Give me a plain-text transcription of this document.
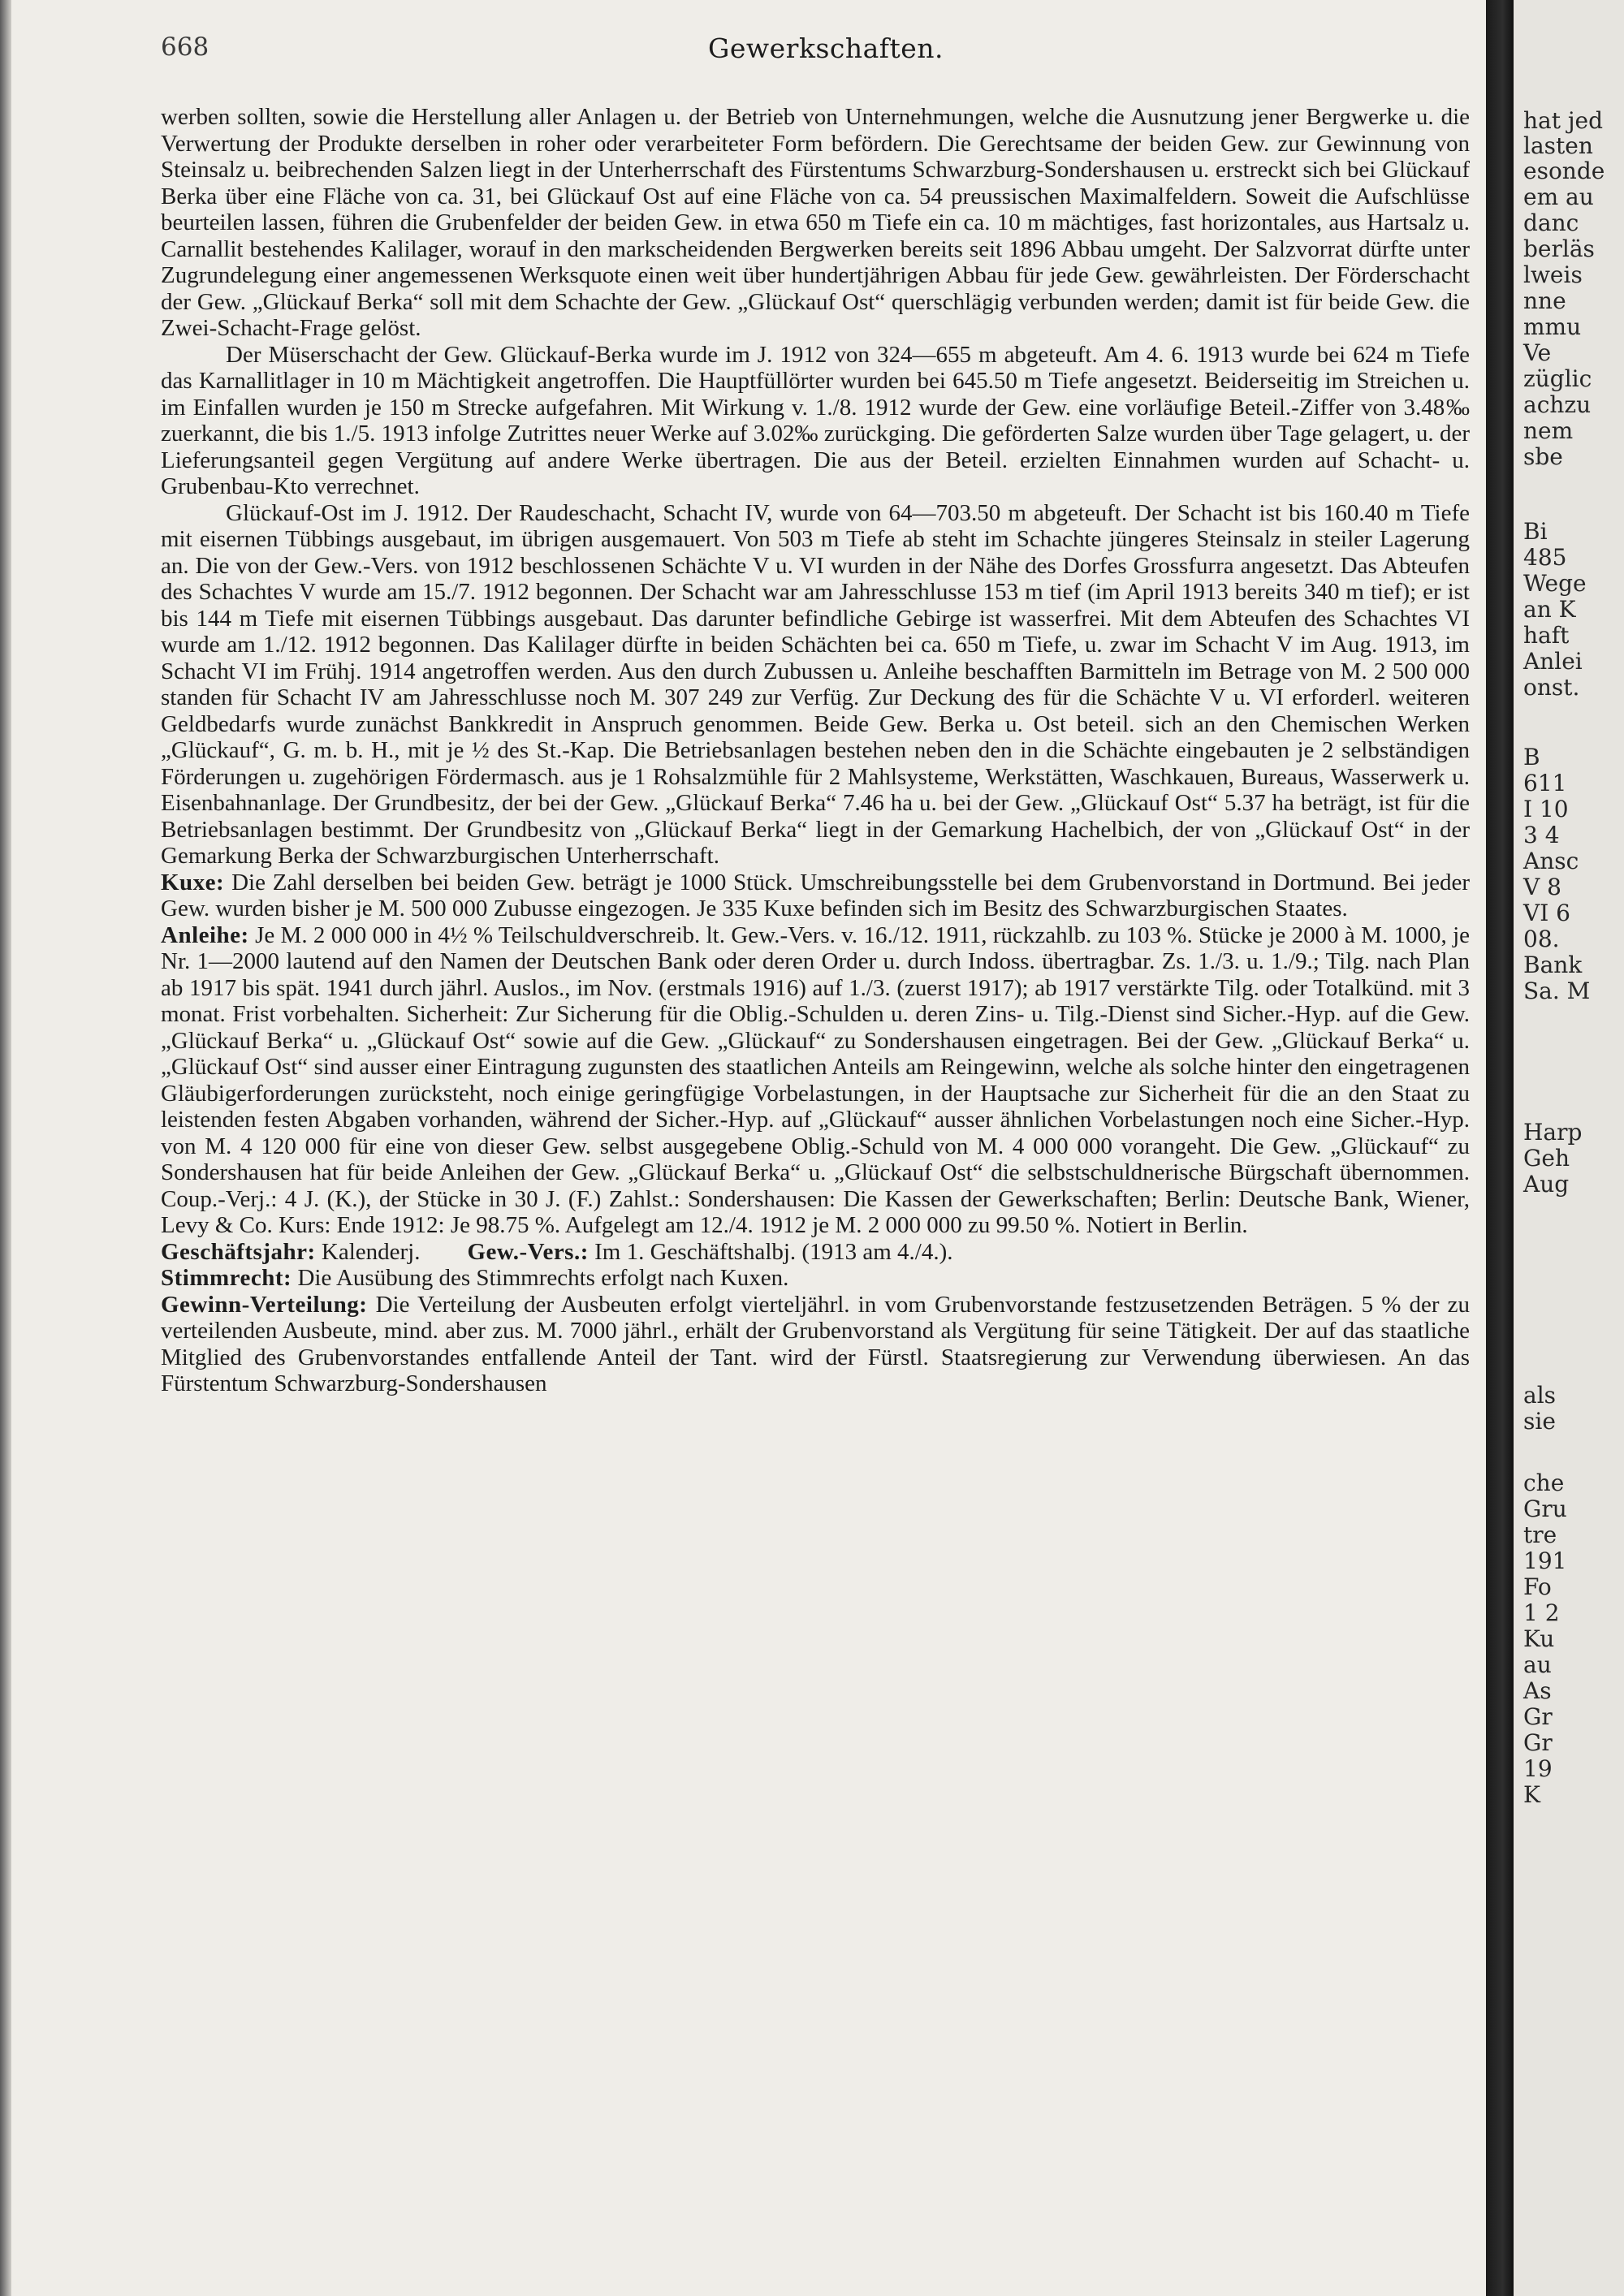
668	Gewerkschaften.

werben sollten, sowie die Herstellung aller Anlagen u. der Betrieb von Unternehmungen, welche die Ausnutzung jener Bergwerke u. die Verwertung der Produkte derselben in roher oder verarbeiteter Form befördern. Die Gerechtsame der beiden Gew. zur Gewinnung von Steinsalz u. beibrechenden Salzen liegt in der Unterherrschaft des Fürstentums Schwarzburg-Sondershausen u. erstreckt sich bei Glückauf Berka über eine Fläche von ca. 31, bei Glückauf Ost auf eine Fläche von ca. 54 preussischen Maximalfeldern. Soweit die Aufschlüsse beurteilen lassen, führen die Grubenfelder der beiden Gew. in etwa 650 m Tiefe ein ca. 10 m mächtiges, fast horizontales, aus Hartsalz u. Carnallit bestehendes Kalilager, worauf in den markscheidenden Bergwerken bereits seit 1896 Abbau umgeht. Der Salzvorrat dürfte unter Zugrundelegung einer angemessenen Werksquote einen weit über hundertjährigen Abbau für jede Gew. gewährleisten. Der Förderschacht der Gew. „Glückauf Berka“ soll mit dem Schachte der Gew. „Glückauf Ost“ querschlägig verbunden werden; damit ist für beide Gew. die Zwei-Schacht-Frage gelöst.

Der Müserschacht der Gew. Glückauf-Berka wurde im J. 1912 von 324—655 m abgeteuft. Am 4. 6. 1913 wurde bei 624 m Tiefe das Karnallitlager in 10 m Mächtigkeit angetroffen. Die Hauptfüllörter wurden bei 645.50 m Tiefe angesetzt. Beiderseitig im Streichen u. im Einfallen wurden je 150 m Strecke aufgefahren. Mit Wirkung v. 1./8. 1912 wurde der Gew. eine vorläufige Beteil.-Ziffer von 3.48‰ zuerkannt, die bis 1./5. 1913 infolge Zutrittes neuer Werke auf 3.02‰ zurückging. Die geförderten Salze wurden über Tage gelagert, u. der Lieferungsanteil gegen Vergütung auf andere Werke übertragen. Die aus der Beteil. erzielten Einnahmen wurden auf Schacht- u. Grubenbau-Kto verrechnet.

Glückauf-Ost im J. 1912. Der Raudeschacht, Schacht IV, wurde von 64—703.50 m abgeteuft. Der Schacht ist bis 160.40 m Tiefe mit eisernen Tübbings ausgebaut, im übrigen ausgemauert. Von 503 m Tiefe ab steht im Schachte jüngeres Steinsalz in steiler Lagerung an. Die von der Gew.-Vers. von 1912 beschlossenen Schächte V u. VI wurden in der Nähe des Dorfes Grossfurra angesetzt. Das Abteufen des Schachtes V wurde am 15./7. 1912 begonnen. Der Schacht war am Jahresschlusse 153 m tief (im April 1913 bereits 340 m tief); er ist bis 144 m Tiefe mit eisernen Tübbings ausgebaut. Das darunter befindliche Gebirge ist wasserfrei. Mit dem Abteufen des Schachtes VI wurde am 1./12. 1912 begonnen. Das Kalilager dürfte in beiden Schächten bei ca. 650 m Tiefe, u. zwar im Schacht V im Aug. 1913, im Schacht VI im Frühj. 1914 angetroffen werden. Aus den durch Zubussen u. Anleihe beschafften Barmitteln im Betrage von M. 2 500 000 standen für Schacht IV am Jahresschlusse noch M. 307 249 zur Verfüg. Zur Deckung des für die Schächte V u. VI erforderl. weiteren Geldbedarfs wurde zunächst Bankkredit in Anspruch genommen. Beide Gew. Berka u. Ost beteil. sich an den Chemischen Werken „Glückauf“, G. m. b. H., mit je ½ des St.-Kap. Die Betriebsanlagen bestehen neben den in die Schächte eingebauten je 2 selbständigen Förderungen u. zugehörigen Fördermasch. aus je 1 Rohsalzmühle für 2 Mahlsysteme, Werkstätten, Waschkauen, Bureaus, Wasserwerk u. Eisenbahnanlage. Der Grundbesitz, der bei der Gew. „Glückauf Berka“ 7.46 ha u. bei der Gew. „Glückauf Ost“ 5.37 ha beträgt, ist für die Betriebsanlagen bestimmt. Der Grundbesitz von „Glückauf Berka“ liegt in der Gemarkung Hachelbich, der von „Glückauf Ost“ in der Gemarkung Berka der Schwarzburgischen Unterherrschaft.

Kuxe: Die Zahl derselben bei beiden Gew. beträgt je 1000 Stück. Umschreibungsstelle bei dem Grubenvorstand in Dortmund. Bei jeder Gew. wurden bisher je M. 500 000 Zubusse eingezogen. Je 335 Kuxe befinden sich im Besitz des Schwarzburgischen Staates.

Anleihe: Je M. 2 000 000 in 4½ % Teilschuldverschreib. lt. Gew.-Vers. v. 16./12. 1911, rückzahlb. zu 103 %. Stücke je 2000 à M. 1000, je Nr. 1—2000 lautend auf den Namen der Deutschen Bank oder deren Order u. durch Indoss. übertragbar. Zs. 1./3. u. 1./9.; Tilg. nach Plan ab 1917 bis spät. 1941 durch jährl. Auslos., im Nov. (erstmals 1916) auf 1./3. (zuerst 1917); ab 1917 verstärkte Tilg. oder Totalkünd. mit 3 monat. Frist vorbehalten. Sicherheit: Zur Sicherung für die Oblig.-Schulden u. deren Zins- u. Tilg.-Dienst sind Sicher.-Hyp. auf die Gew. „Glückauf Berka“ u. „Glückauf Ost“ sowie auf die Gew. „Glückauf“ zu Sondershausen eingetragen. Bei der Gew. „Glückauf Berka“ u. „Glückauf Ost“ sind ausser einer Eintragung zugunsten des staatlichen Anteils am Reingewinn, welche als solche hinter den eingetragenen Gläubigerforderungen zurücksteht, noch einige geringfügige Vorbelastungen, in der Hauptsache zur Sicherheit für die an den Staat zu leistenden festen Abgaben vorhanden, während der Sicher.-Hyp. auf „Glückauf“ ausser ähnlichen Vorbelastungen noch eine Sicher.-Hyp. von M. 4 120 000 für eine von dieser Gew. selbst ausgegebene Oblig.-Schuld von M. 4 000 000 vorangeht. Die Gew. „Glückauf“ zu Sondershausen hat für beide Anleihen der Gew. „Glückauf Berka“ u. „Glückauf Ost“ die selbstschuldnerische Bürgschaft übernommen. Coup.-Verj.: 4 J. (K.), der Stücke in 30 J. (F.) Zahlst.: Sondershausen: Die Kassen der Gewerkschaften; Berlin: Deutsche Bank, Wiener, Levy & Co. Kurs: Ende 1912: Je 98.75 %. Aufgelegt am 12./4. 1912 je M. 2 000 000 zu 99.50 %. Notiert in Berlin.

Geschäftsjahr: Kalenderj. Gew.-Vers.: Im 1. Geschäftshalbj. (1913 am 4./4.).

Stimmrecht: Die Ausübung des Stimmrechts erfolgt nach Kuxen.

Gewinn-Verteilung: Die Verteilung der Ausbeuten erfolgt vierteljährl. in vom Grubenvorstande festzusetzenden Beträgen. 5 % der zu verteilenden Ausbeute, mind. aber zus. M. 7000 jährl., erhält der Grubenvorstand als Vergütung für seine Tätigkeit. Der auf das staatliche Mitglied des Grubenvorstandes entfallende Anteil der Tant. wird der Fürstl. Staatsregierung zur Verwendung überwiesen. An das Fürstentum Schwarzburg-Sondershausen

hat jed
lasten
esonde
em au
danc
berläs
lweis
nne
mmu
Ve
züglic
achzu
nem
sbe
Bi
485
Wege
an K
haft
Anlei
onst.
B
611
I 10
3 4
Ansc
V 8
VI 6
08.
Bank
Sa. M
Harp
Geh
Aug
als
sie
che
Gru
tre
191
Fo
1 2
Ku
au
As
Gr
Gr
19
K
